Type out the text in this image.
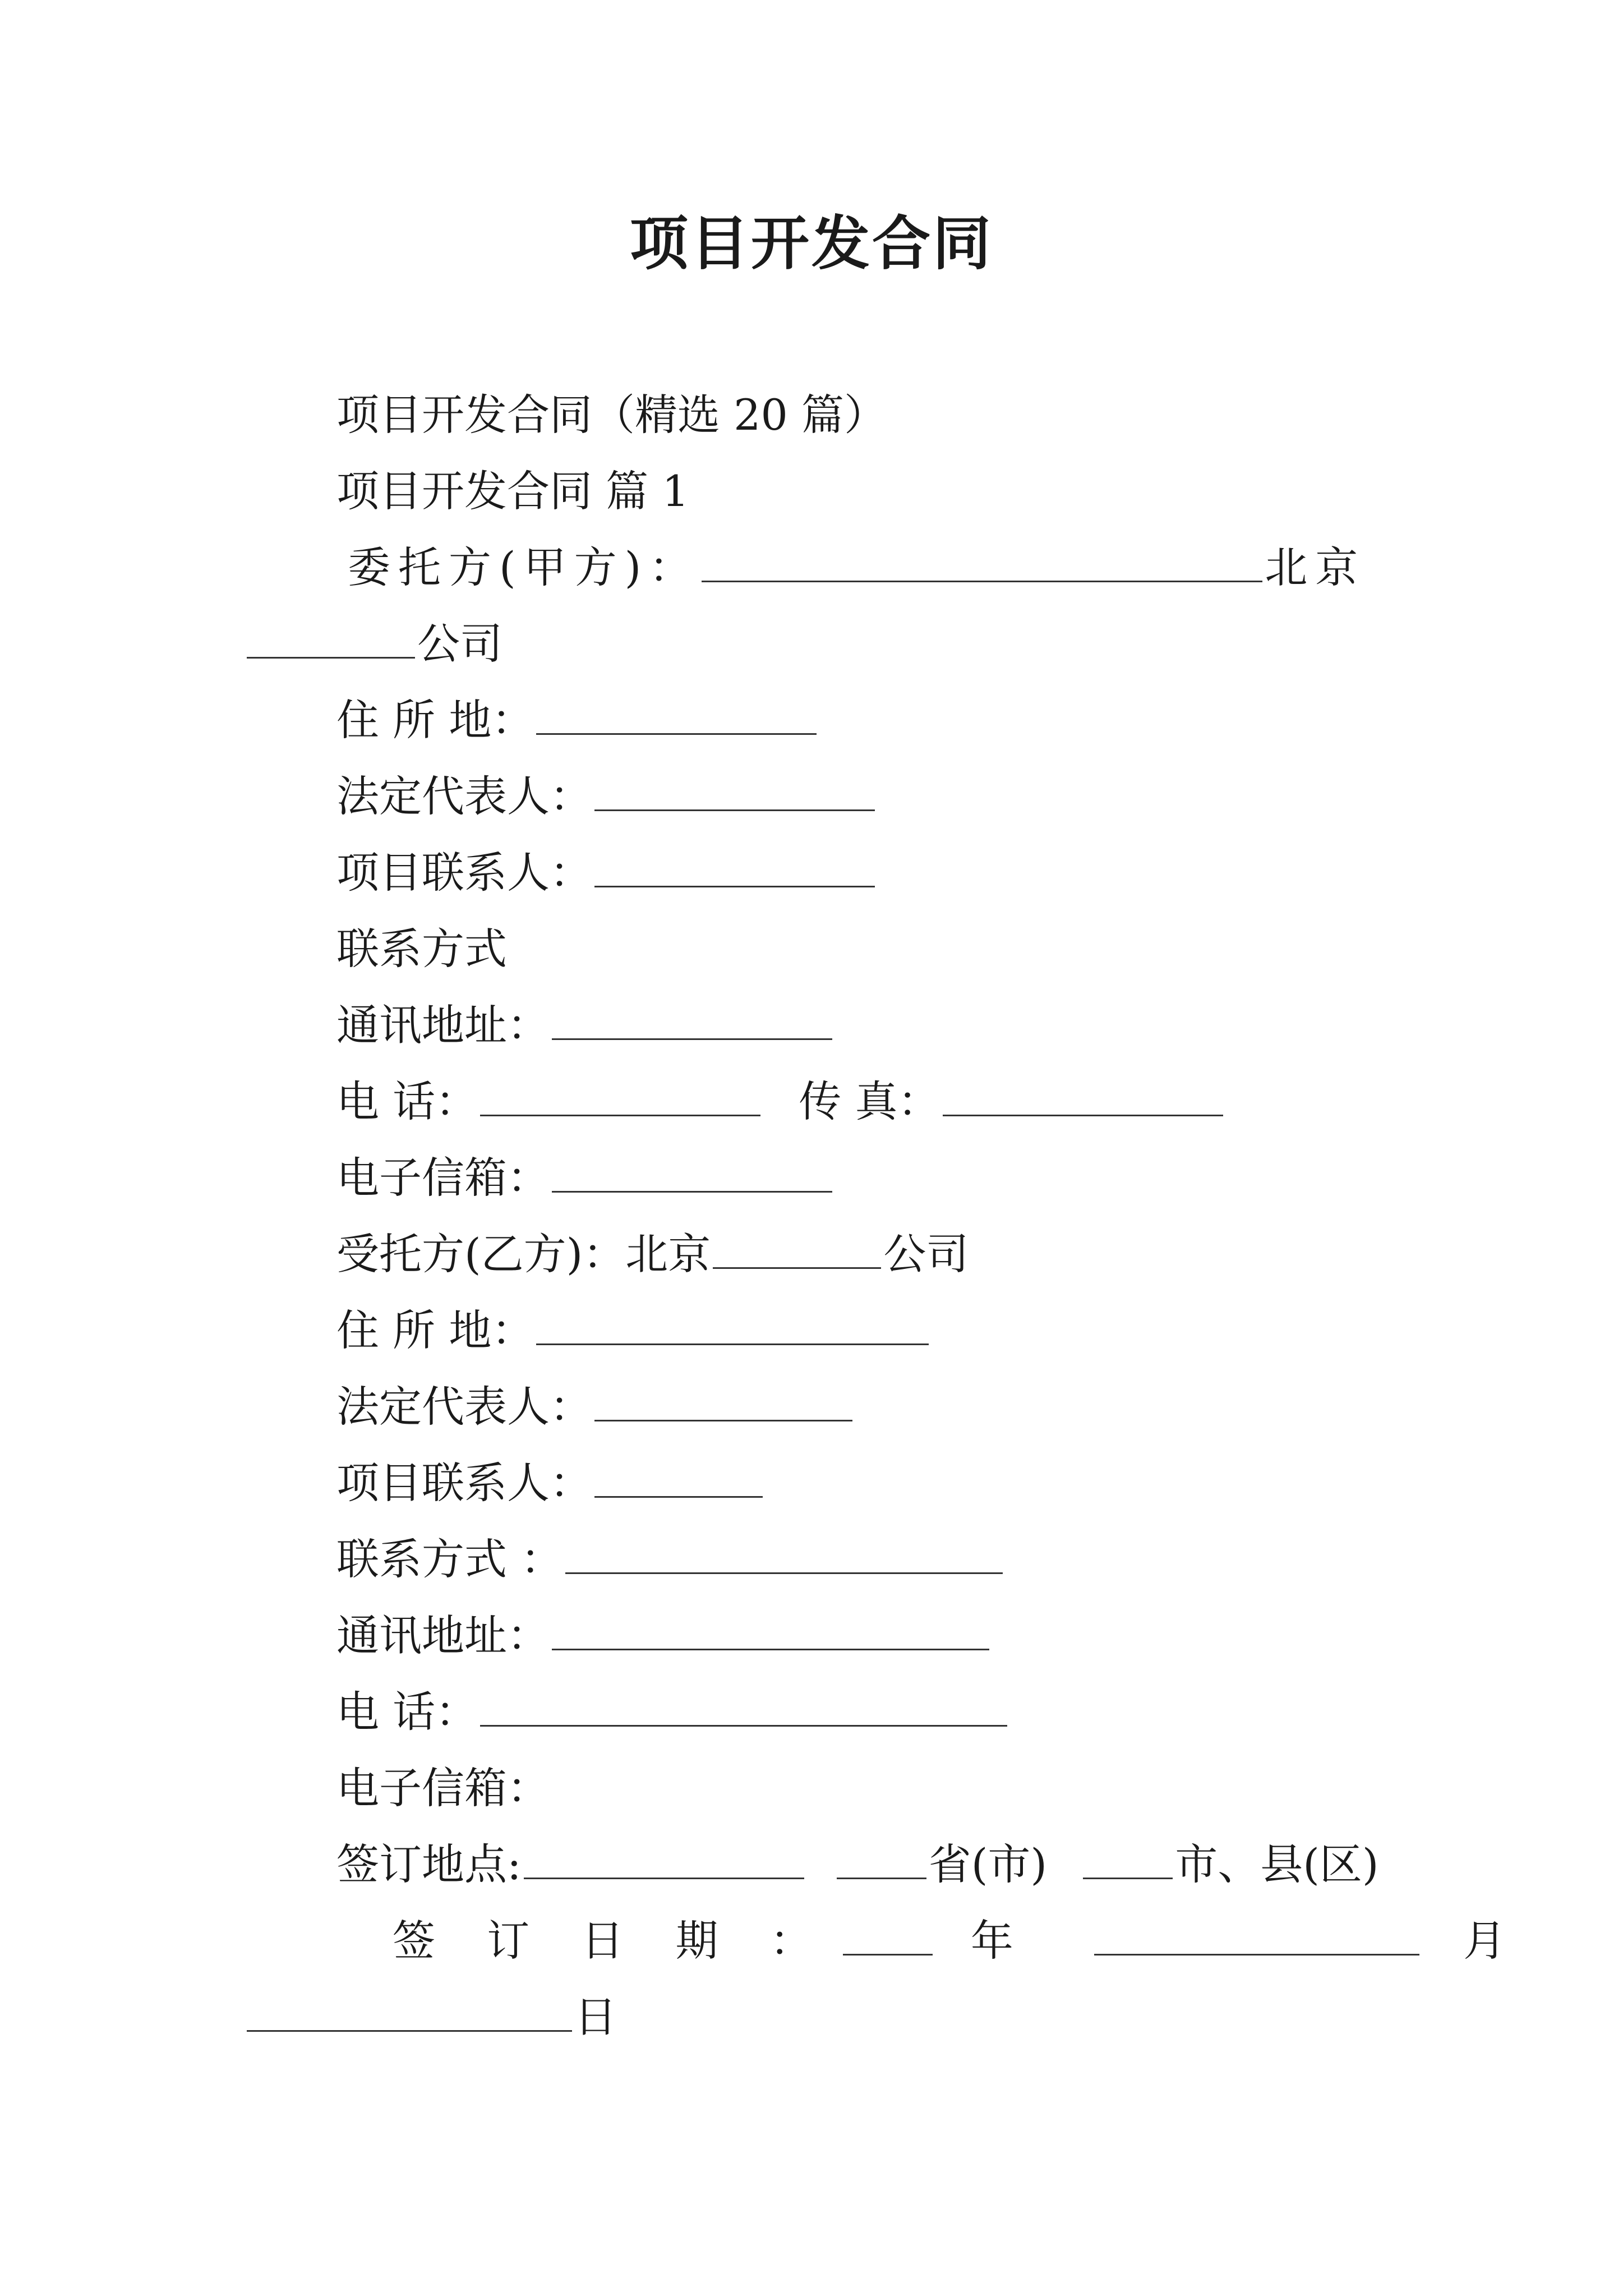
项目开发合同
项目开发合同（精选 20 篇）
项目开发合同 篇 1
委托方(甲方)：	北京
公司
住 所 地：
法定代表人：
项目联系人：
联系方式
通讯地址：
电 话：	传 真：
电子信箱：
受托方(乙方)：北京	公司
住 所 地：
法定代表人：
项目联系人：
联系方式 ：
通讯地址：
电 话：
电子信箱：
签订地点:	省(市)	市、县(区)
签 订 日 期 ：	年	月
日
